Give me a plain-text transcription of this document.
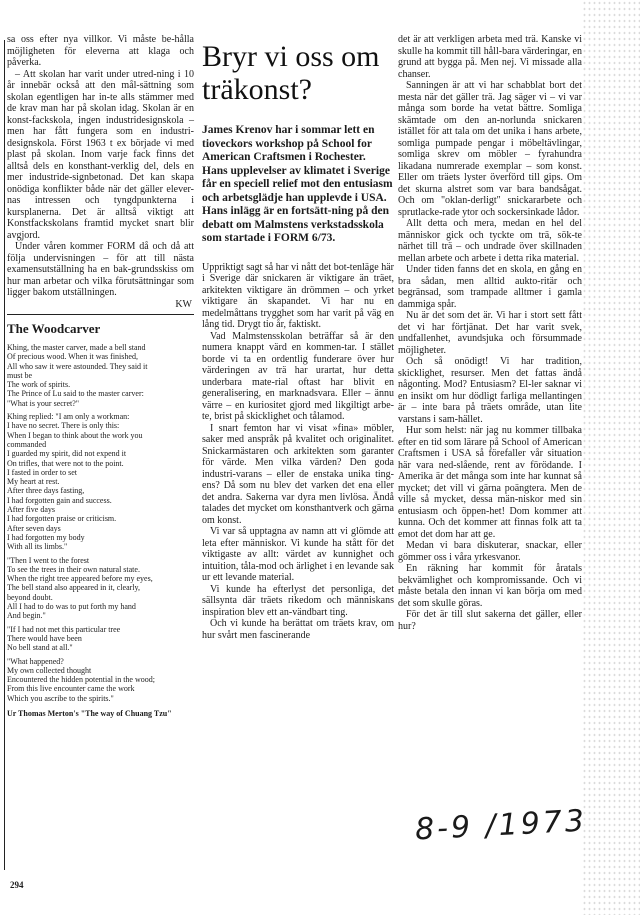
sa oss efter nya villkor. Vi måste be-hålla möjligheten för eleverna att klaga och påverka.

– Att skolan har varit under utred-ning i 10 år innebär också att den mål-sättning som skolan egentligen har in-te alls stämmer med de krav man har på skolan idag. Skolan är en konst-fackskola, ingen industridesignskola – men har fått fungera som en industri-designskola. Först 1963 t ex började vi med plast på skolan. Inom varje fack finns det alltså dels en konsthant-verklig del, dels en mer industride-signbetonad. Det kan skapa onödiga konflikter både när det gäller elever-nas intressen och tyngdpunkterna i kursplanerna. Det är alltså viktigt att Konstfackskolans framtid mycket snart blir avgjord.

Under våren kommer FORM då och då att följa undervisningen – för att till nästa examensutställning ha en bak-grundsskiss om hur man arbetar och vilka förutsättningar som ligger bakom utställningen.

KW

The Woodcarver

Khing, the master carver, made a bell stand

Of precious wood. When it was finished,

All who saw it were astounded. They said it

must be

The work of spirits.

The Prince of Lu said to the master carver:

"What is your secret?"

Khing replied: "I am only a workman:

I have no secret. There is only this:

When I began to think about the work you

commanded

I guarded my spirit, did not expend it

On trifles, that were not to the point.

I fasted in order to set

My heart at rest.

After three days fasting,

I had forgotten gain and success.

After five days

I had forgotten praise or criticism.

After seven days

I had forgotten my body

With all its limbs."

"Then I went to the forest

To see the trees in their own natural state.

When the right tree appeared before my eyes,

The bell stand also appeared in it, clearly,

beyond doubt.

All I had to do was to put forth my hand

And begin."

"If I had not met this particular tree

There would have been

No bell stand at all."

"What happened?

My own collected thought

Encountered the hidden potential in the wood;

From this live encounter came the work

Which you ascribe to the spirits."

Ur Thomas Merton's "The way of Chuang Tzu"
Bryr vi oss om
träkonst?

James Krenov har i sommar lett en tioveckors workshop på School for American Craftsmen i Rochester. Hans upplevelser av klimatet i Sverige får en speciell relief mot den entusiasm och arbetsglädje han upplevde i USA. Hans inlägg är en fortsätt-ning på den debatt om Malmstens verkstadsskola som startade i FORM 6/73.

Uppriktigt sagt så har vi nått det bot-tenläge här i Sverige där snickaren är viktigare än träet, arkitekten viktigare än drömmen – och yrket viktigare än skapandet. Vi har nu en medelmåttans trygghet som har varit på väg en lång tid. Drygt tio år, faktiskt.

Vad Malmstensskolan beträffar så är den numera knappt värd en kommen-tar. I stället borde vi ta en ordentlig funderare över hur värderingen av trä har urartat, hur detta underbara mate-rial oftast har blivit en generalisering, en marknadsvara. Eller – ännu värre – en kuriositet gjord med likgiltigt arbe-te, brist på skicklighet och tålamod.

I snart femton har vi visat »fina» möbler, saker med anspråk på kvalitet och originalitet. Snickarmästaren och arkitekten som garanter för värde. Men vilka värden? Den goda industri-varans – eller de enstaka unika ting-ens? Då som nu blev det varken det ena eller det andra. Sakerna var dyra men livlösa. Ändå talades det mycket om konsthantverk och gärna om konst.

Vi var så upptagna av namn att vi glömde att leta efter människor. Vi kunde ha stått för det viktigaste av allt: värdet av kunnighet och intuition, tåla-mod och ärlighet i en levande sak ur ett levande material.

Vi kunde ha efterlyst det personliga, det sällsynta där träets rikedom och människans inspiration blev ett an-vändbart ting.

Och vi kunde ha berättat om träets krav, om hur svårt men fascinerande

det är att verkligen arbeta med trä. Kanske vi skulle ha kommit till håll-bara värderingar, en grund att bygga på. Men nej. Vi missade alla chanser.

Sanningen är att vi har schabblat bort det mesta när det gäller trä. Jag säger vi – vi var många som borde ha vetat bättre. Somliga skämtade om den an-norlunda snickaren istället för att tala om det unika i hans arbete, somliga pumpade pengar i möbeltävlingar, somliga skrev om möbler – fyrahundra likadana numrerade exemplar – som konst. Eller om träets lyster överförd till gips. Om det skurna alstret som var bara bandsågat. Och om "oklan-derligt" snickararbete och sprutlacke-rade ytor och sockersinkade lådor.

Allt detta och mera, medan en hel del människor gick och tyckte om trä, sök-te närhet till trä – och undrade över skillnaden mellan arbete och arbete i detta rika material.

Under tiden fanns det en skola, en gång en bra sådan, men alltid aukto-ritär och begränsad, som trampade alltmer i gamla dammiga spår.

Nu är det som det är. Vi har i stort sett fått det vi har förtjänat. Det har varit svek, undfallenhet, avundsjuka och försummade möjligheter.

Och så onödigt! Vi har tradition, skicklighet, resurser. Men det fattas ändå någonting. Mod? Entusiasm? El-ler saknar vi en insikt om hur dödligt farliga mellantingen är – inte bara på träets område, utan lite varstans i sam-hället.

Hur som helst: när jag nu kommer tillbaka efter en tid som lärare på School of American Craftsmen i USA så förefaller vår situation här vara ned-slående, rent av förödande. I Amerika är det många som inte har kunnat så mycket; det vill vi gärna poängtera. Men de ville så mycket, dessa män-niskor med sin entusiasm och öppen-het! Dom kommer att kunna. Och det kommer att finnas folk att ta emot det dom har att ge.

Medan vi bara diskuterar, snackar, eller gömmer oss i våra yrkesvanor.

En räkning har kommit för åratals bekvämlighet och kompromissande. Och vi måste betala den innan vi kan börja om med det som skulle göras.

För det är till slut sakerna det gäller, eller hur?

8-9 /1973
294
